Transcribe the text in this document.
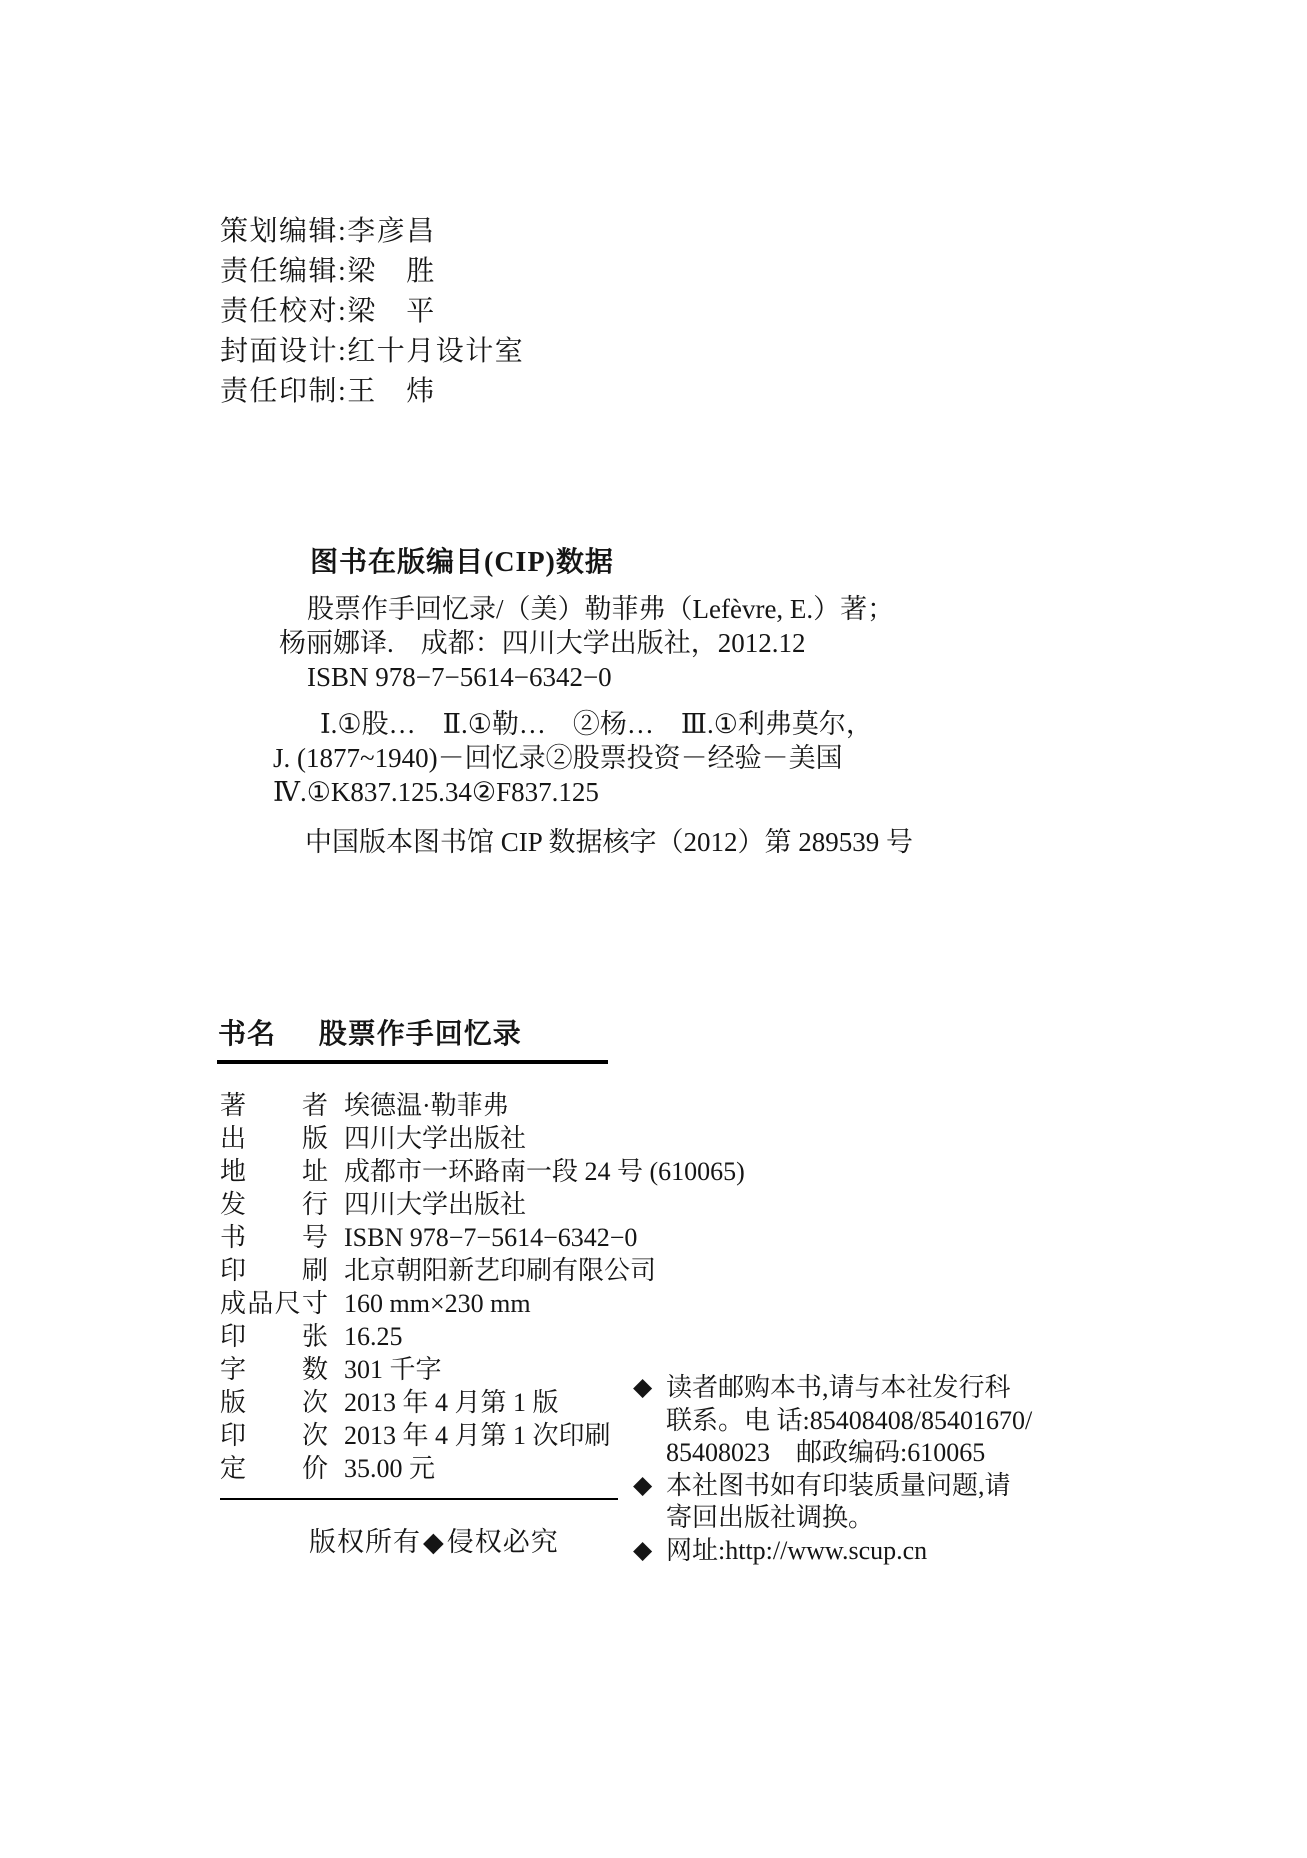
策划编辑:李彦昌
责任编辑:梁　胜
责任校对:梁　平
封面设计:红十月设计室
责任印制:王　炜
图书在版编目(CIP)数据
股票作手回忆录/（美）勒菲弗（Lefèvre, E.）著；
杨丽娜译.　成都：四川大学出版社，2012.12
ISBN 978−7−5614−6342−0
Ⅰ.①股…　Ⅱ.①勒…　②杨…　Ⅲ.①利弗莫尔，
J. (1877~1940)－回忆录②股票投资－经验－美国
Ⅳ.①K837.125.34②F837.125
中国版本图书馆 CIP 数据核字（2012）第 289539 号
书名 股票作手回忆录
著者 埃德温·勒菲弗
出版 四川大学出版社
地址 成都市一环路南一段 24 号 (610065)
发行 四川大学出版社
书号 ISBN 978−7−5614−6342−0
印刷 北京朝阳新艺印刷有限公司
成品尺寸 160 mm×230 mm
印张 16.25
字数 301 千字
版次 2013 年 4 月第 1 版
印次 2013 年 4 月第 1 次印刷
定价 35.00 元
版权所有◆侵权必究
◆ 读者邮购本书,请与本社发行科
联系。电 话:85408408/85401670/
85408023　邮政编码:610065
◆ 本社图书如有印装质量问题,请
寄回出版社调换。
◆ 网址:http://www.scup.cn
